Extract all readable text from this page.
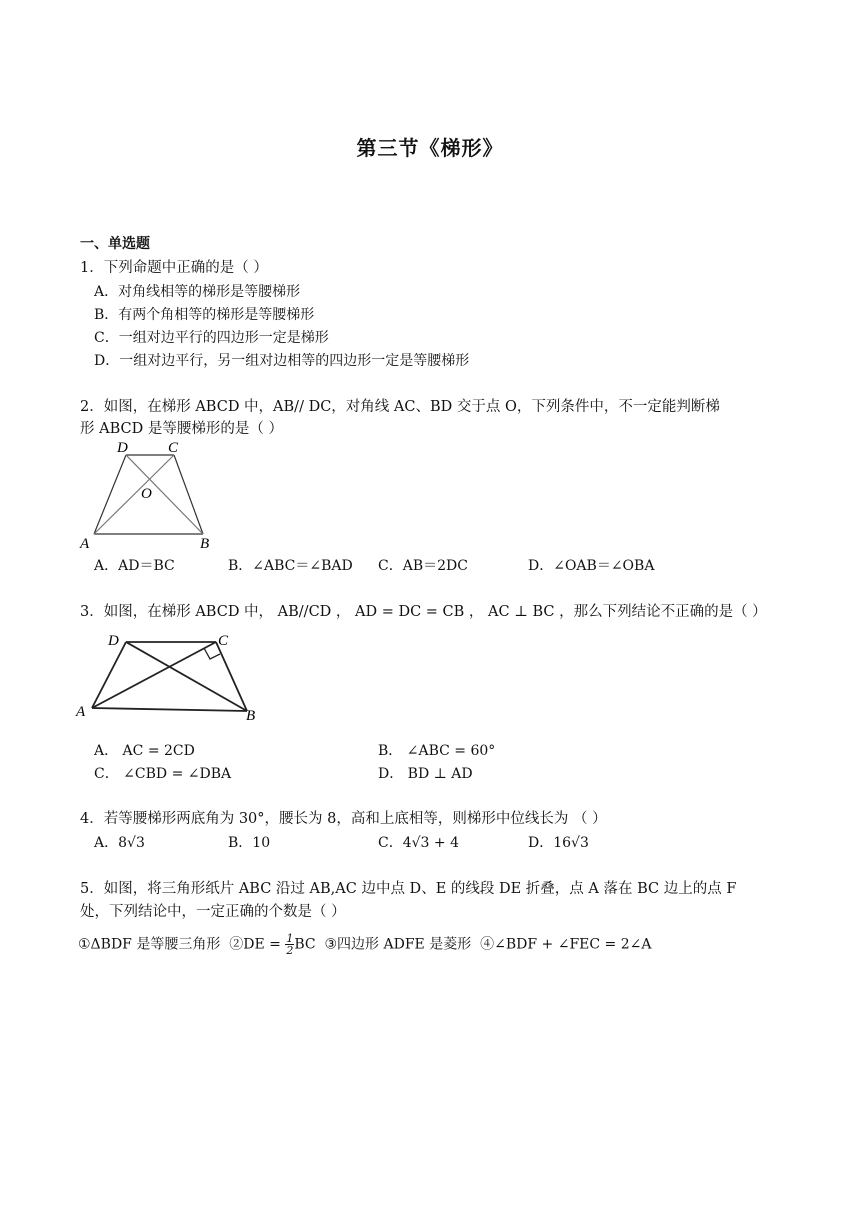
第三节《梯形》
一、单选题
1．下列命题中正确的是（ ）
A．对角线相等的梯形是等腰梯形
B．有两个角相等的梯形是等腰梯形
C．一组对边平行的四边形一定是梯形
D．一组对边平行，另一组对边相等的四边形一定是等腰梯形
2．如图，在梯形 ABCD 中，AB// DC，对角线 AC、BD 交于点 O，下列条件中，不一定能判断梯
形 ABCD 是等腰梯形的是（ ）
D	C
O
A	B
A．AD＝BC	B．∠ABC＝∠BAD C．AB＝2DC	D．∠OAB＝∠OBA
3．如图，在梯形 ABCD 中， AB//CD ， AD = DC = CB ， AC ⊥ BC ，那么下列结论不正确的是（ ）
D	C
A	B
A． AC = 2CD	B． ∠ABC = 60°
C． ∠CBD = ∠DBA	D． BD ⊥ AD
4．若等腰梯形两底角为 30°，腰长为 8，高和上底相等，则梯形中位线长为 （ ）
A．8√3	B．10	C．4√3 + 4	D．16√3
5．如图，将三角形纸片 ABC 沿过 AB,AC 边中点 D、E 的线段 DE 折叠，点 A 落在 BC 边上的点 F
处，下列结论中，一定正确的个数是（ ）
①ΔBDF 是等腰三角形 ②DE = $\frac{1}{2}$ BC ③四边形 ADFE 是菱形 ④∠BDF + ∠FEC = 2∠A
